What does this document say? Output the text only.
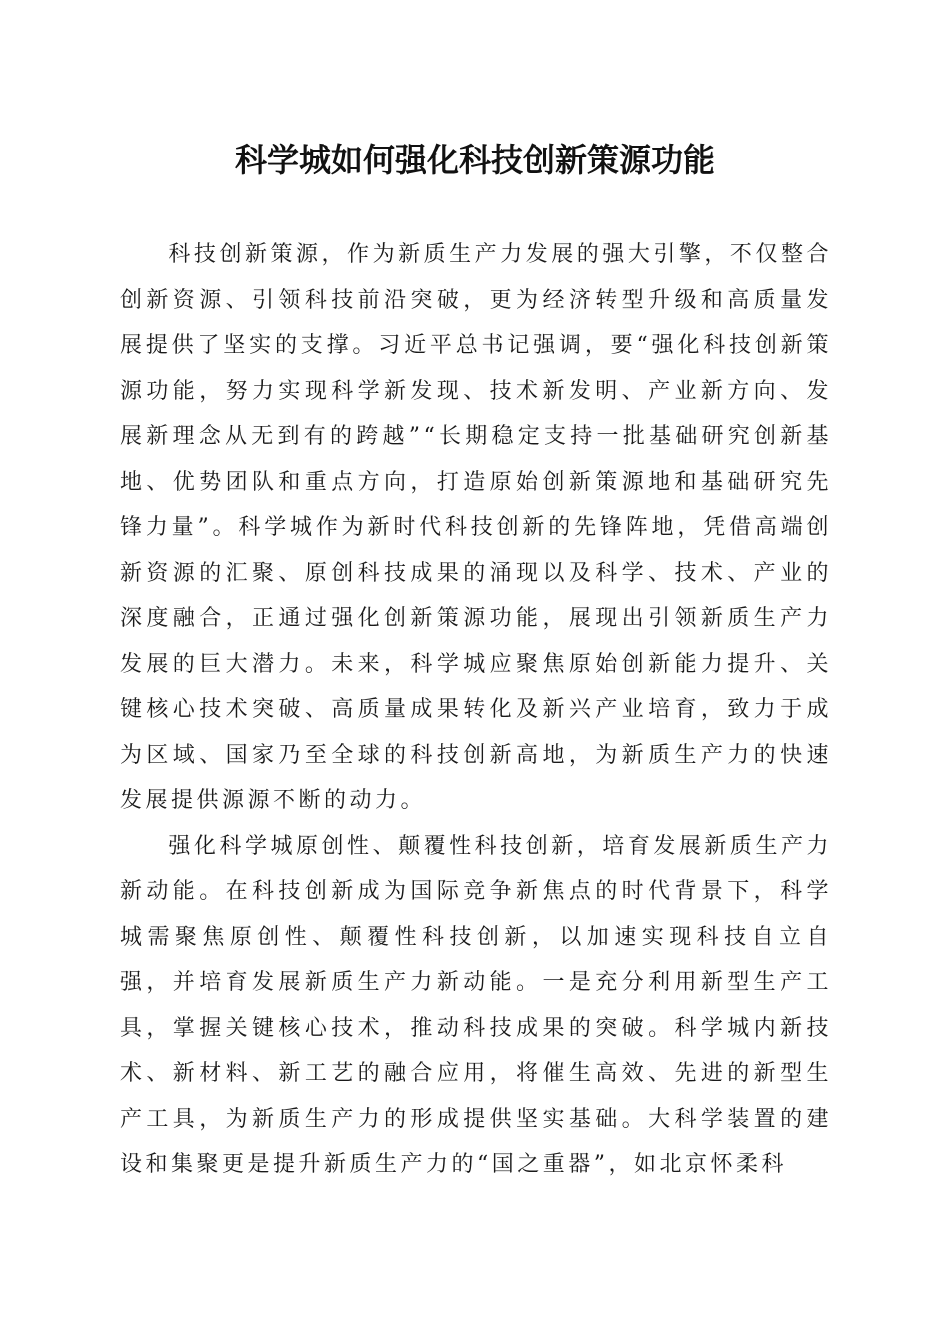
科学城如何强化科技创新策源功能

科技创新策源，作为新质生产力发展的强大引擎，不仅整合创新资源、引领科技前沿突破，更为经济转型升级和高质量发展提供了坚实的支撑。习近平总书记强调，要“强化科技创新策源功能，努力实现科学新发现、技术新发明、产业新方向、发展新理念从无到有的跨越”“长期稳定支持一批基础研究创新基地、优势团队和重点方向，打造原始创新策源地和基础研究先锋力量”。科学城作为新时代科技创新的先锋阵地，凭借高端创新资源的汇聚、原创科技成果的涌现以及科学、技术、产业的深度融合，正通过强化创新策源功能，展现出引领新质生产力发展的巨大潜力。未来，科学城应聚焦原始创新能力提升、关键核心技术突破、高质量成果转化及新兴产业培育，致力于成为区域、国家乃至全球的科技创新高地，为新质生产力的快速发展提供源源不断的动力。

强化科学城原创性、颠覆性科技创新，培育发展新质生产力新动能。在科技创新成为国际竞争新焦点的时代背景下，科学城需聚焦原创性、颠覆性科技创新，以加速实现科技自立自强，并培育发展新质生产力新动能。一是充分利用新型生产工具，掌握关键核心技术，推动科技成果的突破。科学城内新技术、新材料、新工艺的融合应用，将催生高效、先进的新型生产工具，为新质生产力的形成提供坚实基础。大科学装置的建设和集聚更是提升新质生产力的“国之重器”，如北京怀柔科
